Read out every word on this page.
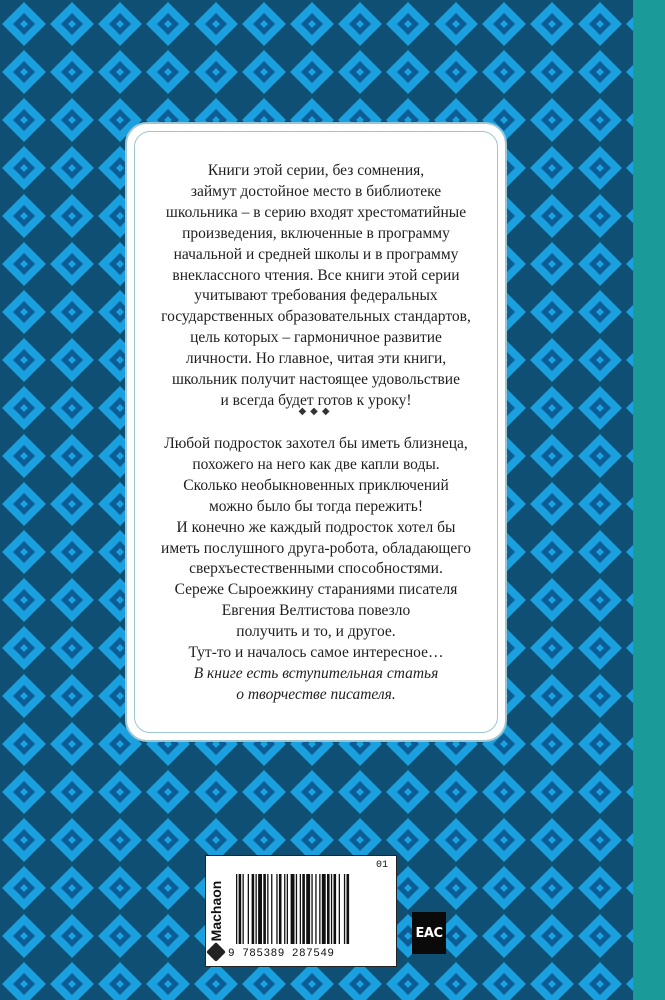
Книги этой серии, без сомнения,
займут достойное место в библиотеке
школьника – в серию входят хрестоматийные
произведения, включенные в программу
начальной и средней школы и в программу
внеклассного чтения. Все книги этой серии
учитывают требования федеральных
государственных образовательных стандартов,
цель которых – гармоничное развитие
личности. Но главное, читая эти книги,
школьник получит настоящее удовольствие
и всегда будет готов к уроку!
◆◆◆
Любой подросток захотел бы иметь близнеца,
похожего на него как две капли воды.
Сколько необыкновенных приключений
можно было бы тогда пережить!
И конечно же каждый подросток хотел бы
иметь послушного друга-робота, обладающего
сверхъестественными способностями.
Сереже Сыроежкину стараниями писателя
Евгения Велтистова повезло
получить и то, и другое.
Тут-то и началось самое интересное…
В книге есть вступительная статья
о творчестве писателя.
Machaon
01
9 785389 287549
EAC
